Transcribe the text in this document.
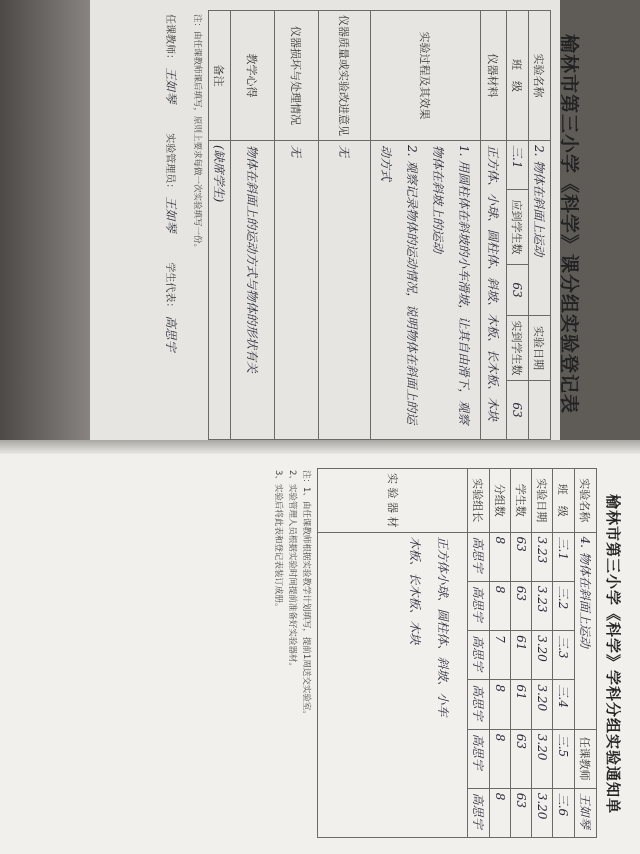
榆林市第三小学《科学》课分组实验登记表
实验名称	2. 物体在斜面上运动			实验日期	
班　级	三.1	应到学生数	63	实到学生数	63
仪器材料	正方体、小球、圆柱体、斜坡、木板、长木板、木块				
实验过程及其效果	1. 用圆柱体在斜坡的小车滑坡，让其自由滑下，观察物体在斜坡上的运动
2. 观察记录物体的运动情况，说明物体在斜面上的运动方式				

仪器质量或实验改进意见	无				
仪器损坏与处理情况	无				
教学心得	物体在斜面上的运动方式与物体的形状有关				
备注	(缺席学生)				
注：由任课教师课后填写，原则上要求每做一次实验填写一份。
任课教师： 王如琴
实验管理员： 王如琴
学生代表： 高思宇
榆林市第三小学《科学》学科分组实验通知单
实验名称	4. 物体在斜面上运动				任课教师	王如琴
班　级	三.1	三.2	三.3	三.4	三.5	三.6
实验日期	3.23	3.23	3.20	3.20	3.20	3.20
学生数	63	63	61	61	63	63
分组数	8	8	7	8	8	8
实验组长	高思宇	高思宇	高思宇	高思宇	高思宇	高思宇
实 验 器 材	正方体小球、圆柱体、斜坡、小车
木板、长木板、木块					
注：1、由任课教师根据实验教学计划填写，提前1周送交实验室。
2、实验管理人员根据实验时间提前准备好实验器材。
3、实验后将此表和登记表装订成册。
